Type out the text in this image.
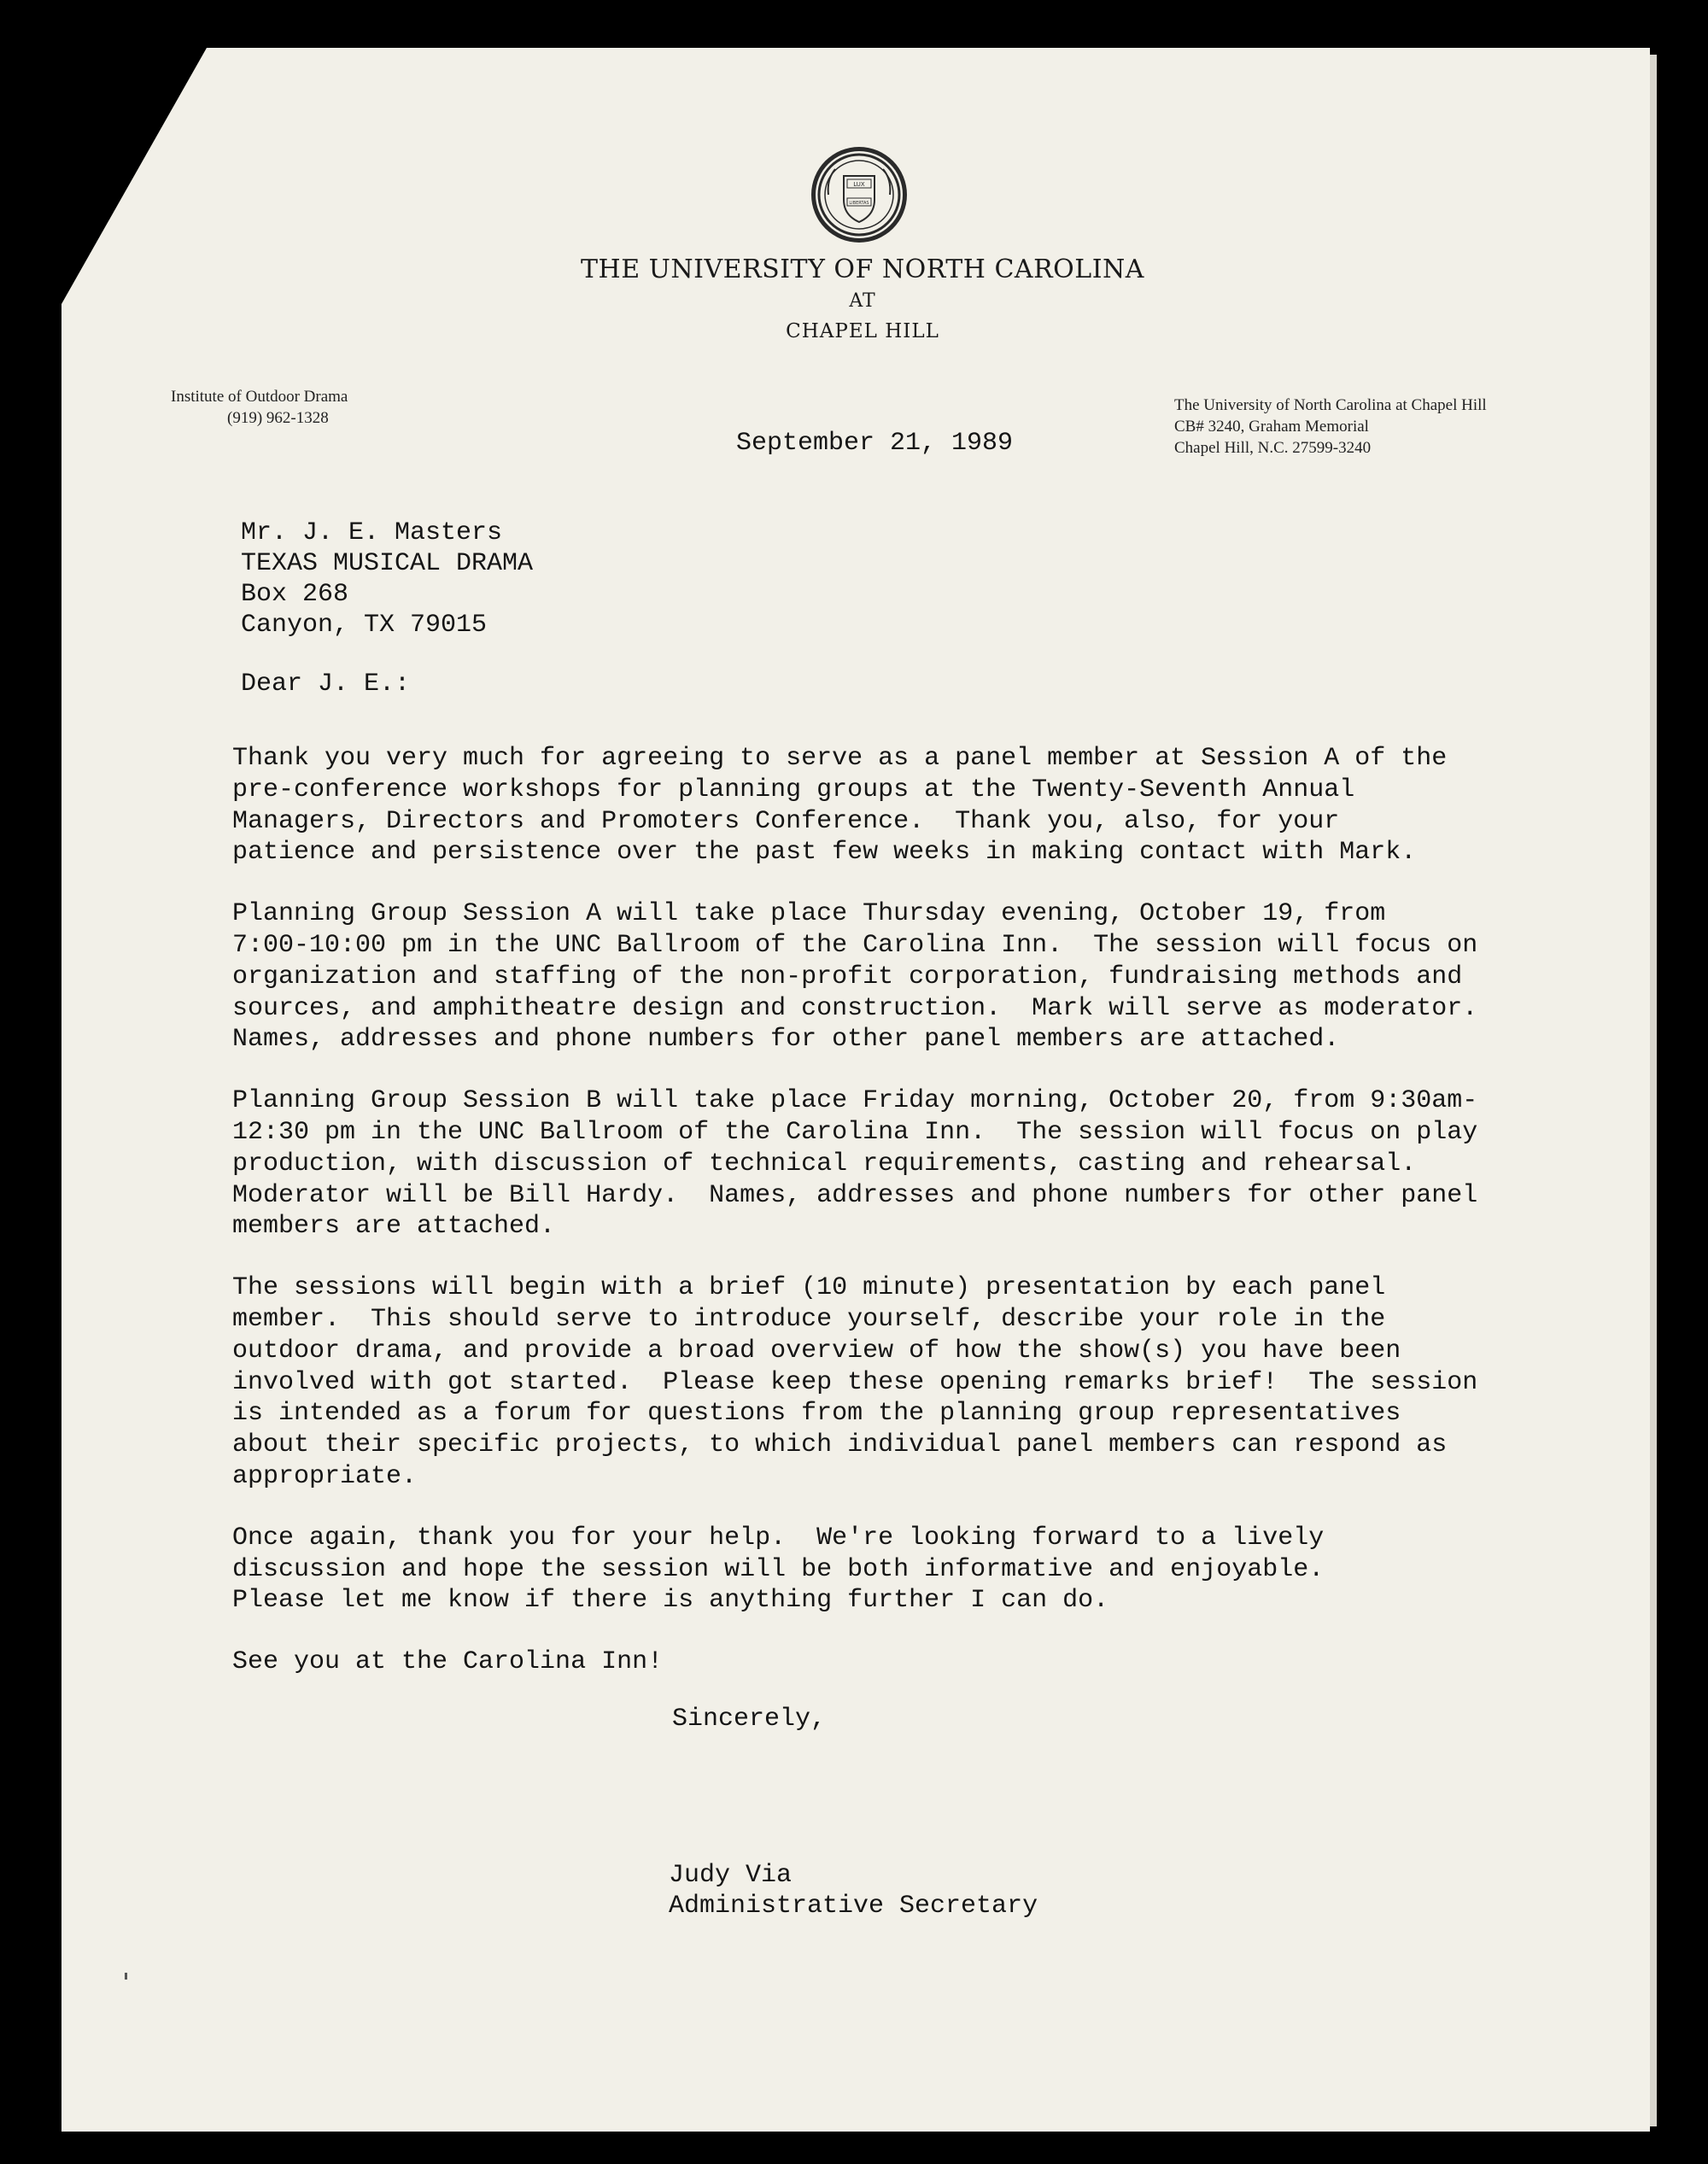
LUX
LIBERTAS
THE UNIVERSITY OF NORTH CAROLINA
AT
CHAPEL HILL
Institute of Outdoor Drama
(919) 962-1328
The University of North Carolina at Chapel Hill
CB# 3240, Graham Memorial
Chapel Hill, N.C. 27599-3240
September 21, 1989
Mr. J. E. Masters
TEXAS MUSICAL DRAMA
Box 268
Canyon, TX 79015
Dear J. E.:

Thank you very much for agreeing to serve as a panel member at Session A of the
pre-conference workshops for planning groups at the Twenty-Seventh Annual
Managers, Directors and Promoters Conference.  Thank you, also, for your
patience and persistence over the past few weeks in making contact with Mark.

Planning Group Session A will take place Thursday evening, October 19, from
7:00-10:00 pm in the UNC Ballroom of the Carolina Inn.  The session will focus on
organization and staffing of the non-profit corporation, fundraising methods and
sources, and amphitheatre design and construction.  Mark will serve as moderator.
Names, addresses and phone numbers for other panel members are attached.

Planning Group Session B will take place Friday morning, October 20, from 9:30am-
12:30 pm in the UNC Ballroom of the Carolina Inn.  The session will focus on play
production, with discussion of technical requirements, casting and rehearsal.
Moderator will be Bill Hardy.  Names, addresses and phone numbers for other panel
members are attached.

The sessions will begin with a brief (10 minute) presentation by each panel
member.  This should serve to introduce yourself, describe your role in the
outdoor drama, and provide a broad overview of how the show(s) you have been
involved with got started.  Please keep these opening remarks brief!  The session
is intended as a forum for questions from the planning group representatives
about their specific projects, to which individual panel members can respond as
appropriate.

Once again, thank you for your help.  We're looking forward to a lively
discussion and hope the session will be both informative and enjoyable.
Please let me know if there is anything further I can do.

See you at the Carolina Inn!

Sincerely,
Judy Via
Administrative Secretary
